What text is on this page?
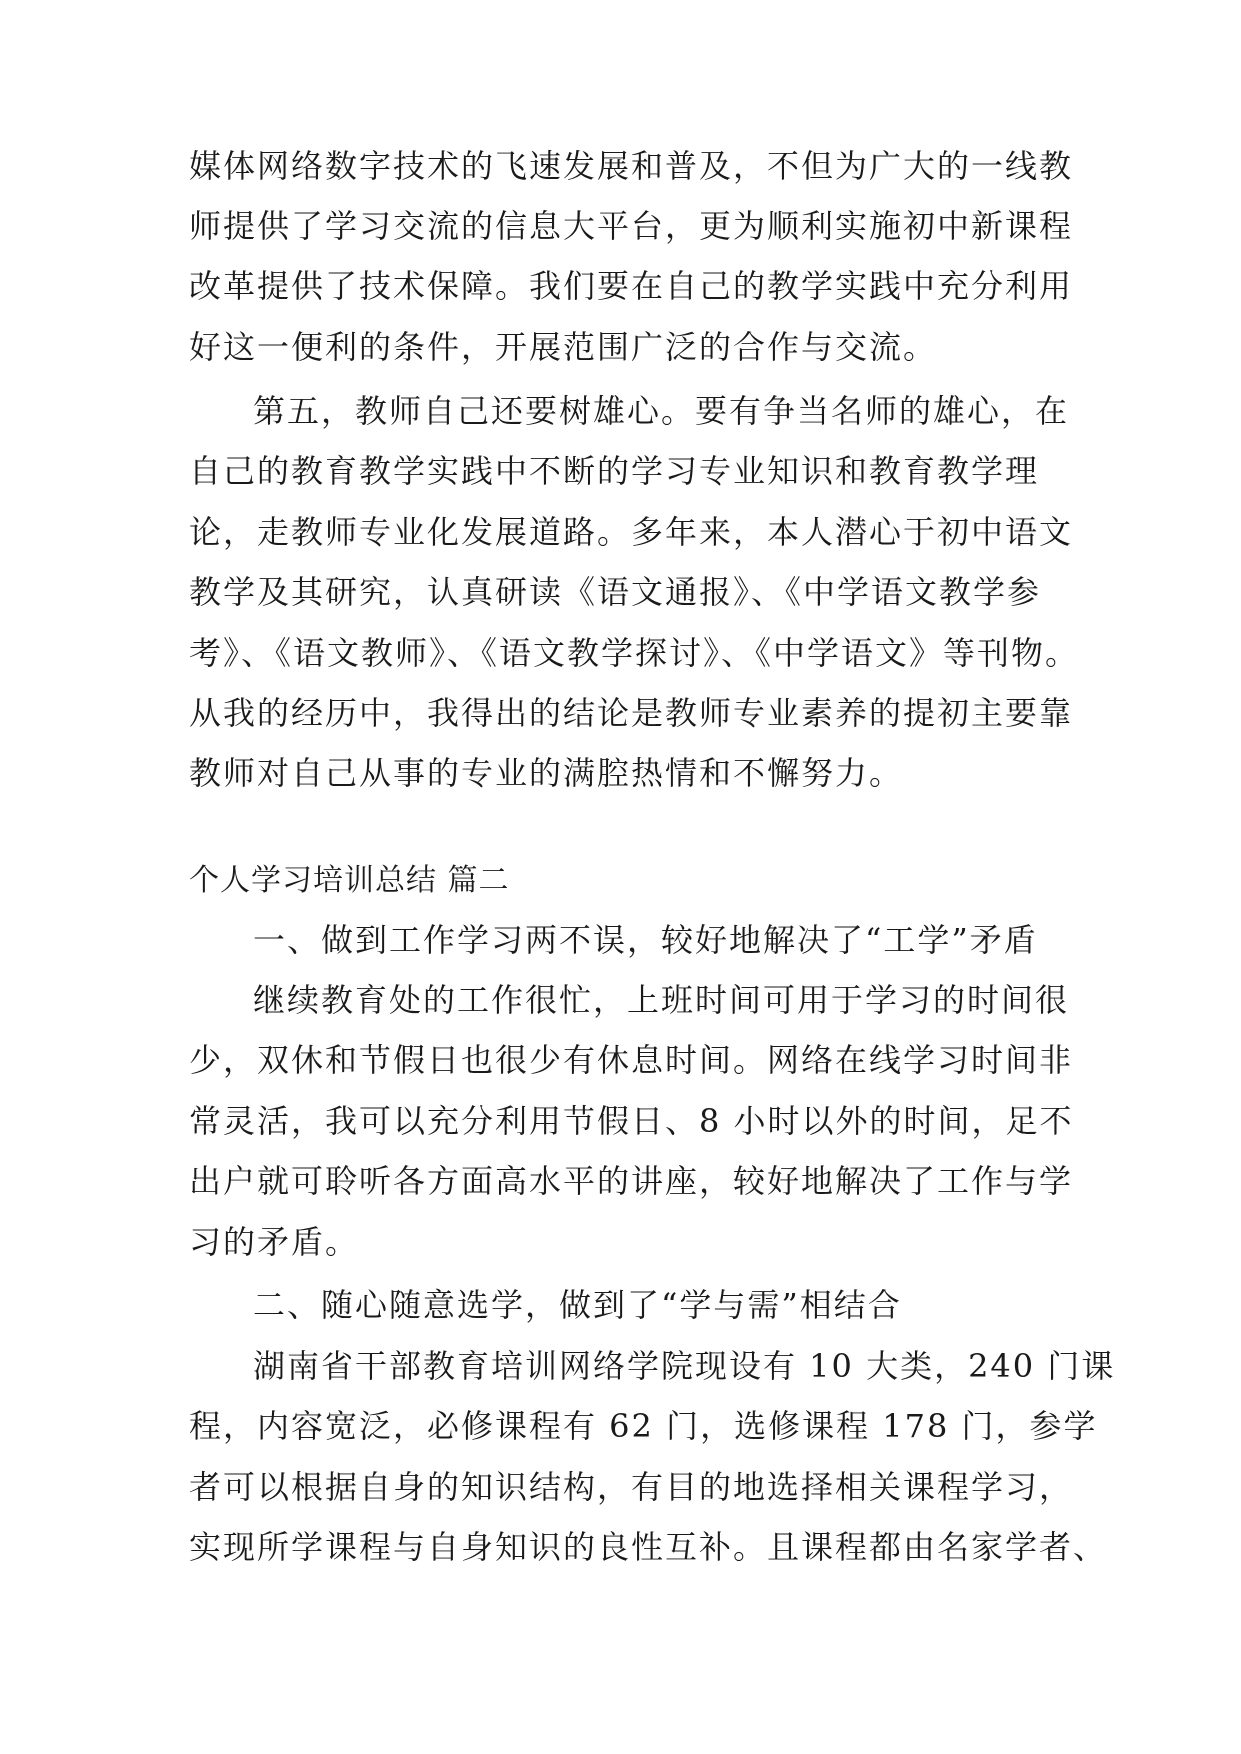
媒体网络数字技术的飞速发展和普及，不但为广大的一线教
师提供了学习交流的信息大平台，更为顺利实施初中新课程
改革提供了技术保障。我们要在自己的教学实践中充分利用
好这一便利的条件，开展范围广泛的合作与交流。
第五，教师自己还要树雄心。要有争当名师的雄心，在
自己的教育教学实践中不断的学习专业知识和教育教学理
论，走教师专业化发展道路。多年来，本人潜心于初中语文
教学及其研究，认真研读《语文通报》、《中学语文教学参
考》、《语文教师》、《语文教学探讨》、《中学语文》等刊物。
从我的经历中，我得出的结论是教师专业素养的提初主要靠
教师对自己从事的专业的满腔热情和不懈努力。
个人学习培训总结 篇二
一、做到工作学习两不误，较好地解决了“工学”矛盾
继续教育处的工作很忙，上班时间可用于学习的时间很
少，双休和节假日也很少有休息时间。网络在线学习时间非
常灵活，我可以充分利用节假日、8 小时以外的时间，足不
出户就可聆听各方面高水平的讲座，较好地解决了工作与学
习的矛盾。
二、随心随意选学，做到了“学与需”相结合
湖南省干部教育培训网络学院现设有 10 大类，240 门课
程，内容宽泛，必修课程有 62 门，选修课程 178 门，参学
者可以根据自身的知识结构，有目的地选择相关课程学习，
实现所学课程与自身知识的良性互补。且课程都由名家学者、
